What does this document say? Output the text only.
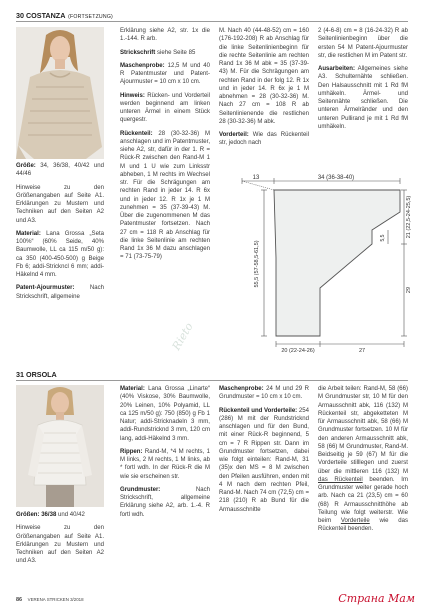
30 COSTANZA (FORTSETZUNG)

Größe: 34, 36/38, 40/42 und 44/46

Hinweise zu den Größenangaben auf Seite A1. Erklärungen zu Mustern und Techniken auf den Seiten A2 und A3.

Material: Lana Grossa „Seta 100%“ (60% Seide, 40% Baumwolle, LL ca 115 m/50 g): ca 350 (400-450-500) g Beige Fb 6; addi-Strickncl 6 mm; addi-Häkelnd 4 mm.

Patent-Ajourmuster: Nach Strickschrift, allgemeine

Erklärung siehe A2, str. 1x die 1.-144. R arb.

Strickschrift siehe Seite 85

Maschenprobe: 12,5 M und 40 R Patentmuster und Patent-Ajourmuster = 10 cm x 10 cm.

Hinweis: Rücken- und Vorderteil werden beginnend am linken unteren Ärmel in einem Stück quergestr.

Rückenteil: 28 (30-32-36) M anschlagen und im Patentmuster, siehe A2, str, dafür in der 1. R = Rück-R zwischen den Rand-M 1 M und 1 U wie zum Linksstr abheben, 1 M rechts im Wechsel str. Für die Schrägungen am rechten Rand in jeder 14. R 6x und in jeder 12. R 1x je 1 M zunehmen = 35 (37-39-43) M. Über die zugenommenen M das Patentmuster fortsetzen. Nach 27 cm = 118 R ab Anschlag für die linke Seitenlinie am rechten Rand 1x 36 M dazu anschlagen = 71 (73-75-79)

M. Nach 40 (44-48-52) cm = 160 (176-192-208) R ab Anschlag für die linke Seitenlinienbeginn für die rechte Seitenlinie am rechten Rand 1x 36 M abk = 35 (37-39-43) M. Für die Schrägungen am rechten Rand in der folg 12. R 1x und in jeder 14. R 6x je 1 M abnehmen = 28 (30-32-36) M. Nach 27 cm = 108 R ab Seitenlinienende die restlichen 28 (30-32-36) M abk.

Vorderteil: Wie das Rückenteil str, jedoch nach

2 (4-6-8) cm = 8 (16-24-32) R ab Seitenlinienbeginn über die ersten 54 M Patent-Ajourmuster str, die restlichen M im Patent str.

Ausarbeiten: Allgemeines siehe A3. Schulternähte schließen. Den Halsausschnitt mit 1 Rd fM umhäkeln. Ärmel- und Seitennähte schließen. Die unteren Ärmelränder und den unteren Pullirand je mit 1 Rd fM umhäkeln.

13	34 (36-38-40)
55,5 (57-58,5-61,5)
21 (22,5-24-25,5)
5,5
29
20 (22-24-26)	27
Rieto
31 ORSOLA

Größen: 36/38 und 40/42

Hinweise zu den Größenangaben auf Seite A1. Erklärungen zu Mustern und Techniken auf den Seiten A2 und A3.

Material: Lana Grossa „Linarte“ (40% Viskose, 30% Baumwolle, 20% Leinen, 10% Polyamid, LL ca 125 m/50 g): 750 (850) g Fb 1 Natur; addi-Stricknadeln 3 mm, addi-Rundstricknd 3 mm, 120 cm lang, addi-Häkelnd 3 mm.

Rippen: Rand-M, *4 M rechts, 1 M links, 2 M rechts, 1 M links, ab * fortl wdh. In der Rück-R die M wie sie erscheinen str.

Grundmuster: Nach Strickschrift, allgemeine Erklärung siehe A2, arb. 1.-4. R fortl wdh.

Maschenprobe: 24 M und 29 R Grundmuster = 10 cm x 10 cm.

Rückenteil und Vorderteile: 254 (286) M mit der Rundstricknd anschlagen und für den Bund, mit einer Rück-R beginnend, 5 cm = 7 R Rippen str. Dann im Grundmuster fortsetzen, dabei wie folgt einteilen: Rand-M, 31 (35)x den MS = 8 M zwischen den Pfeilen ausführen, enden mit 4 M nach dem rechten Pfeil, Rand-M. Nach 74 cm (72,5) cm = 218 (210) R ab Bund für die Armausschnitte

die Arbeit teilen: Rand-M, 58 (66) M Grundmuster str, 10 M für den Armausschnitt abk, 116 (132) M Rückenteil str, abgeketteten M für Armausschnitt abk, 58 (66) M Grundmuster fortsetzen. 10 M für den anderen Armausschnitt abk, 58 (66) M Grundmuster, Rand-M. Beidseitig je 59 (67) M für die Vorderteile stilllegen und zuerst über die mittleren 116 (132) M das Rückenteil beenden. Im Grundmuster weiter gerade hoch arb. Nach ca 21 (23,5) cm = 60 (68) R Armausschnitthöhe ab Teilung wie folgt weiterstr. Wie beim Vorderteile wie das Rückenteil beenden.

86 VERENA STRICKEN 3/2018	Страна Мам
